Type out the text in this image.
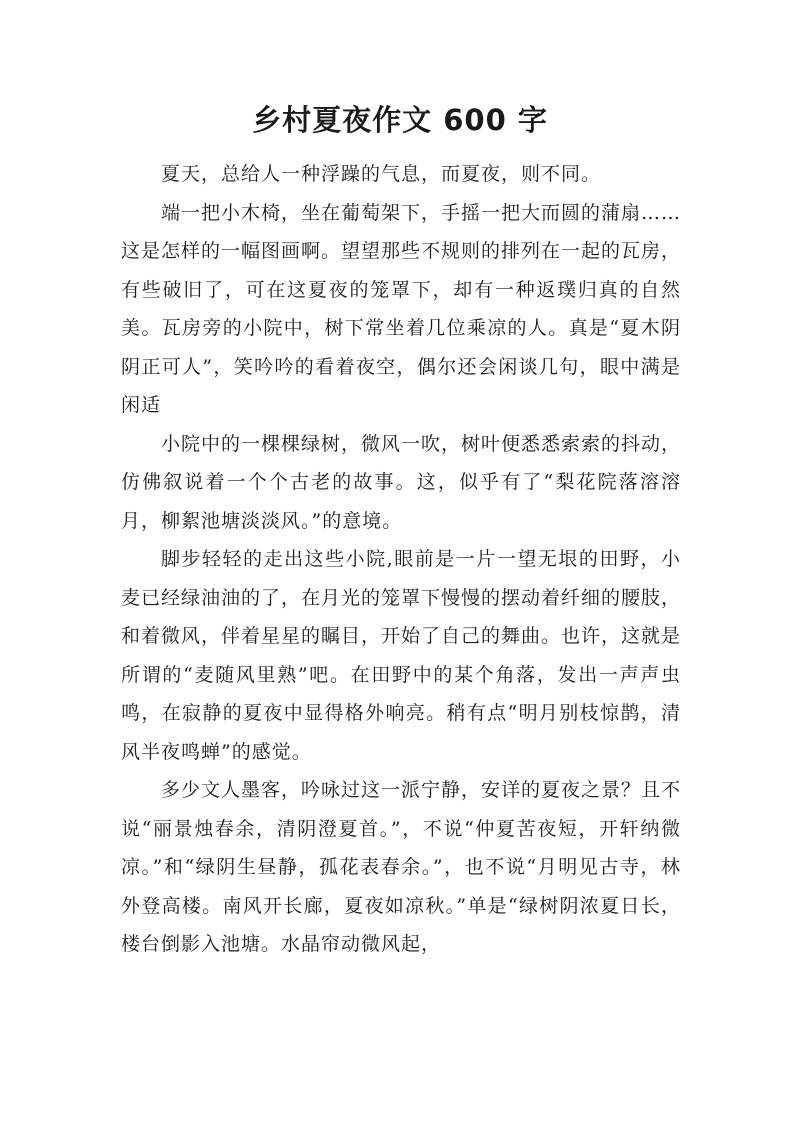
乡村夏夜作文 600 字

夏天，总给人一种浮躁的气息，而夏夜，则不同。

端一把小木椅，坐在葡萄架下，手摇一把大而圆的蒲扇……这是怎样的一幅图画啊。望望那些不规则的排列在一起的瓦房，有些破旧了，可在这夏夜的笼罩下，却有一种返璞归真的自然美。瓦房旁的小院中，树下常坐着几位乘凉的人。真是“夏木阴阴正可人”，笑吟吟的看着夜空，偶尔还会闲谈几句，眼中满是闲适

小院中的一棵棵绿树，微风一吹，树叶便悉悉索索的抖动，仿佛叙说着一个个古老的故事。这，似乎有了“梨花院落溶溶月，柳絮池塘淡淡风。”的意境。

脚步轻轻的走出这些小院,眼前是一片一望无垠的田野，小麦已经绿油油的了，在月光的笼罩下慢慢的摆动着纤细的腰肢，和着微风，伴着星星的瞩目，开始了自己的舞曲。也许，这就是所谓的“麦随风里熟”吧。在田野中的某个角落，发出一声声虫鸣，在寂静的夏夜中显得格外响亮。稍有点“明月别枝惊鹊，清风半夜鸣蝉”的感觉。

多少文人墨客，吟咏过这一派宁静，安详的夏夜之景？且不说“丽景烛春余，清阴澄夏首。”，不说“仲夏苦夜短，开轩纳微凉。”和“绿阴生昼静，孤花表春余。”，也不说“月明见古寺，林外登高楼。南风开长廊，夏夜如凉秋。”单是“绿树阴浓夏日长，楼台倒影入池塘。水晶帘动微风起，
